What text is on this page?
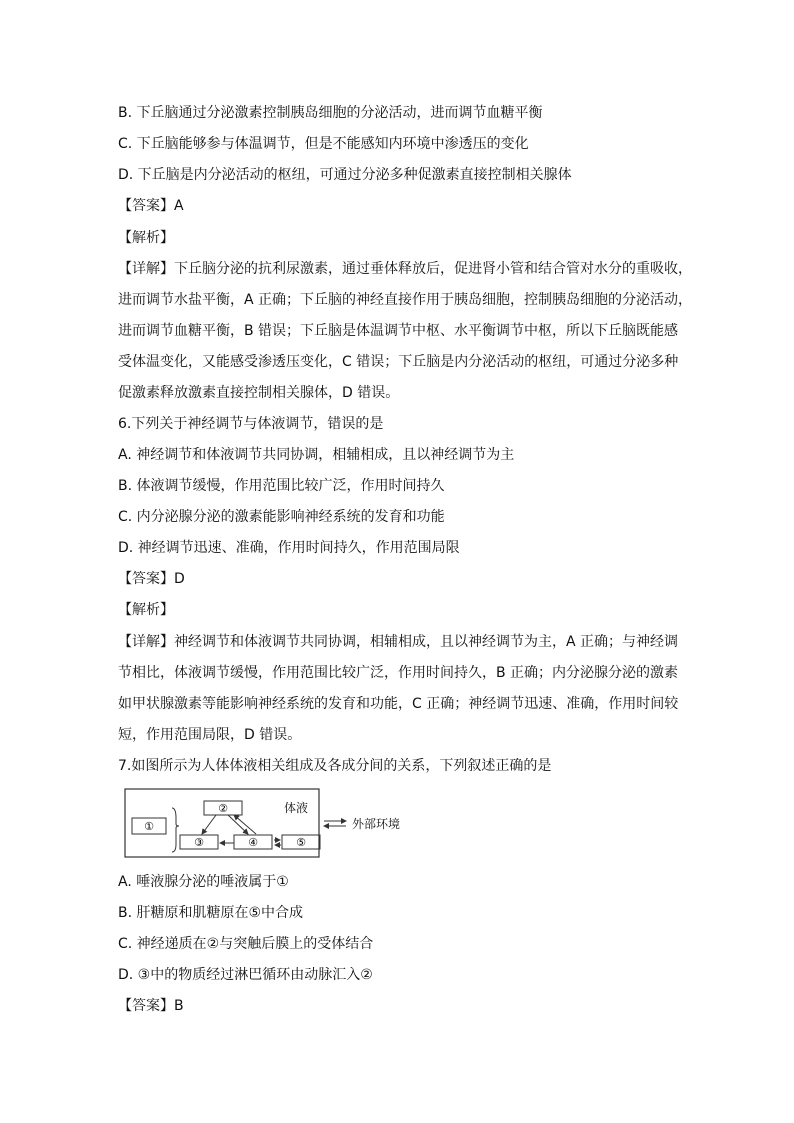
B. 下丘脑通过分泌激素控制胰岛细胞的分泌活动，进而调节血糖平衡
C. 下丘脑能够参与体温调节，但是不能感知内环境中渗透压的变化
D. 下丘脑是内分泌活动的枢纽，可通过分泌多种促激素直接控制相关腺体
【答案】A
【解析】
【详解】下丘脑分泌的抗利尿激素，通过垂体释放后，促进肾小管和结合管对水分的重吸收，
进而调节水盐平衡，A 正确；下丘脑的神经直接作用于胰岛细胞，控制胰岛细胞的分泌活动，
进而调节血糖平衡，B 错误；下丘脑是体温调节中枢、水平衡调节中枢，所以下丘脑既能感
受体温变化，又能感受渗透压变化，C 错误；下丘脑是内分泌活动的枢纽，可通过分泌多种
促激素释放激素直接控制相关腺体，D 错误。
6.下列关于神经调节与体液调节，错误的是
A. 神经调节和体液调节共同协调，相辅相成，且以神经调节为主
B. 体液调节缓慢，作用范围比较广泛，作用时间持久
C. 内分泌腺分泌的激素能影响神经系统的发育和功能
D. 神经调节迅速、准确，作用时间持久，作用范围局限
【答案】D
【解析】
【详解】神经调节和体液调节共同协调，相辅相成，且以神经调节为主，A 正确；与神经调
节相比，体液调节缓慢，作用范围比较广泛，作用时间持久，B 正确；内分泌腺分泌的激素
如甲状腺激素等能影响神经系统的发育和功能，C 正确；神经调节迅速、准确，作用时间较
短，作用范围局限，D 错误。
7.如图所示为人体体液相关组成及各成分间的关系，下列叙述正确的是
体液
①
②
③	④	⑤
外部环境
A. 唾液腺分泌的唾液属于①
B. 肝糖原和肌糖原在⑤中合成
C. 神经递质在②与突触后膜上的受体结合
D. ③中的物质经过淋巴循环由动脉汇入②
【答案】B
